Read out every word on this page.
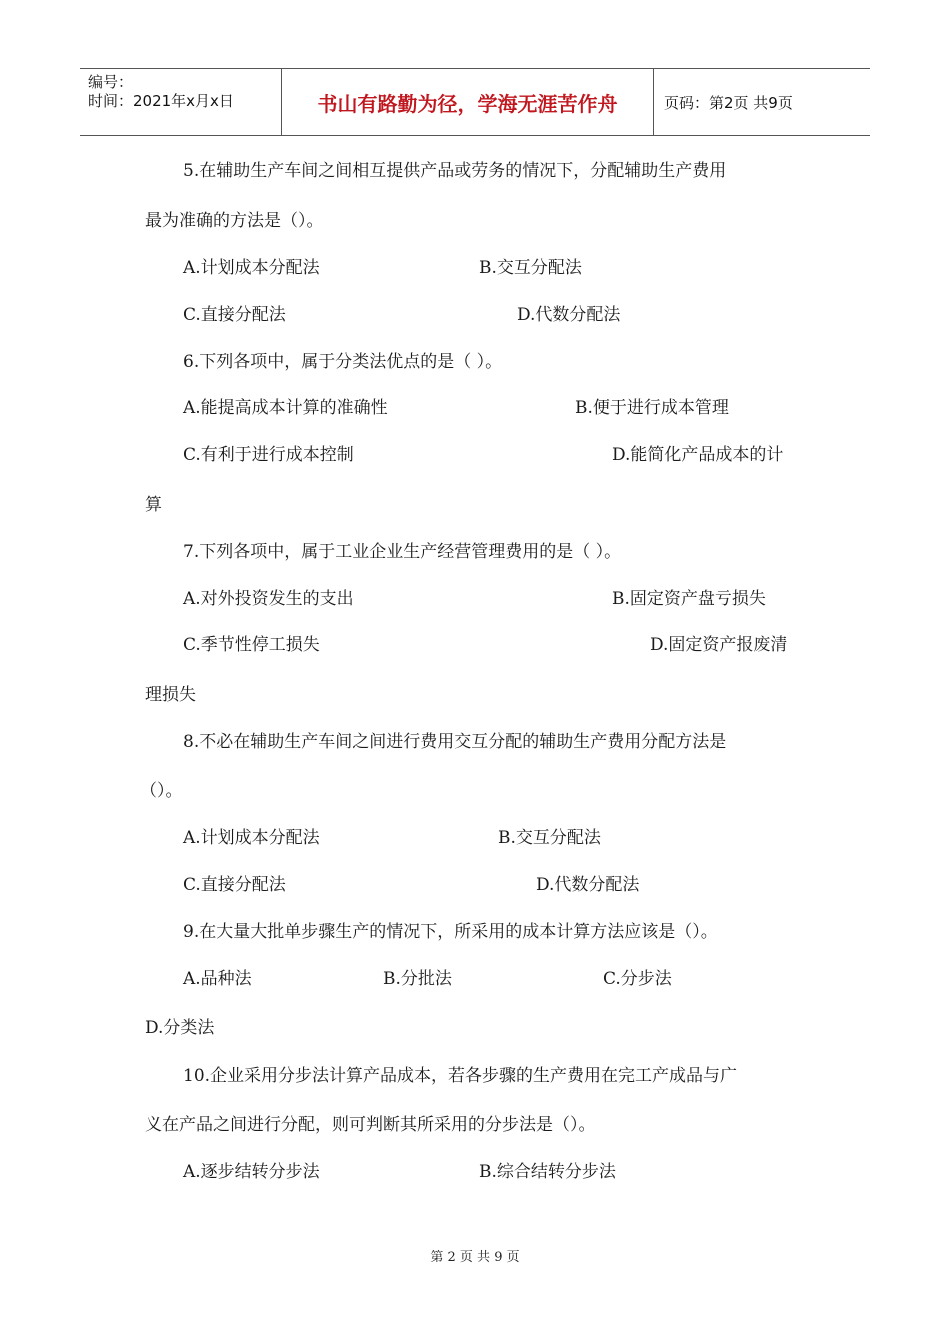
编号：
时间：2021年x月x日	书山有路勤为径，学海无涯苦作舟	页码：第2页 共9页
5.在辅助生产车间之间相互提供产品或劳务的情况下，分配辅助生产费用
最为准确的方法是（）。
A.计划成本分配法	B.交互分配法
C.直接分配法	D.代数分配法
6.下列各项中，属于分类法优点的是（ ）。
A.能提高成本计算的准确性	B.便于进行成本管理
C.有利于进行成本控制	D.能简化产品成本的计
算
7.下列各项中，属于工业企业生产经营管理费用的是（ ）。
A.对外投资发生的支出	B.固定资产盘亏损失
C.季节性停工损失	D.固定资产报废清
理损失
8.不必在辅助生产车间之间进行费用交互分配的辅助生产费用分配方法是
（）。
A.计划成本分配法	B.交互分配法
C.直接分配法	D.代数分配法
9.在大量大批单步骤生产的情况下，所采用的成本计算方法应该是（）。
A.品种法	B.分批法	C.分步法
D.分类法
10.企业采用分步法计算产品成本，若各步骤的生产费用在完工产成品与广
义在产品之间进行分配，则可判断其所采用的分步法是（）。
A.逐步结转分步法	B.综合结转分步法
第 2 页 共 9 页
